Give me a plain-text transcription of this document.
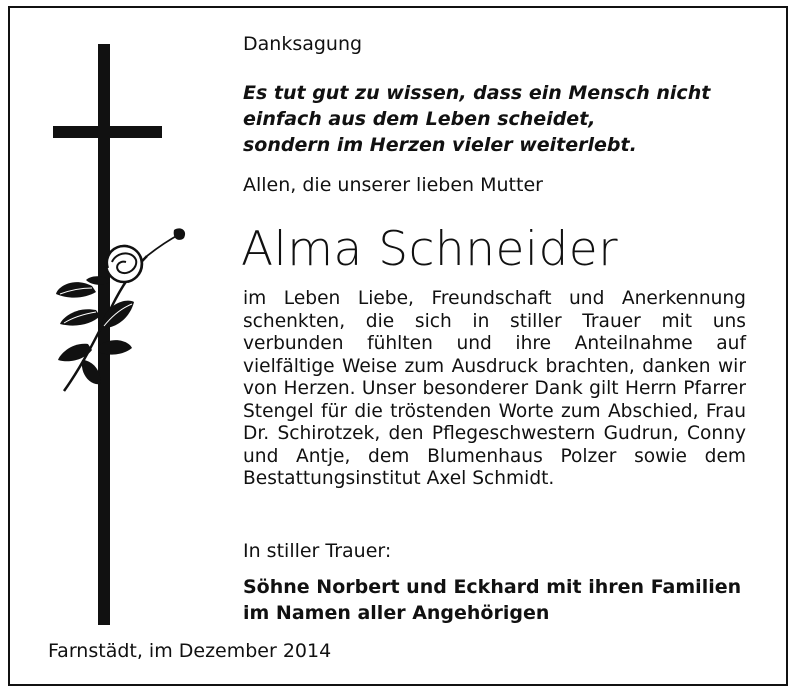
Danksagung
Es tut gut zu wissen, dass ein Mensch nicht
einfach aus dem Leben scheidet,
sondern im Herzen vieler weiterlebt.
Allen, die unserer lieben Mutter
Alma Schneider
im Leben Liebe, Freundschaft und Anerkennung schenkten, die sich in stiller Trauer mit uns verbunden fühlten und ihre Anteilnahme auf vielfältige Weise zum Ausdruck brachten, danken wir von Herzen. Unser besonderer Dank gilt Herrn Pfarrer Stengel für die tröstenden Worte zum Abschied, Frau Dr. Schirotzek, den Pflegeschwestern Gudrun, Conny und Antje, dem Blumenhaus Polzer sowie dem Bestattungsinstitut Axel Schmidt.
In stiller Trauer:
Söhne Norbert und Eckhard mit ihren Familien
im Namen aller Angehörigen
Farnstädt, im Dezember 2014
